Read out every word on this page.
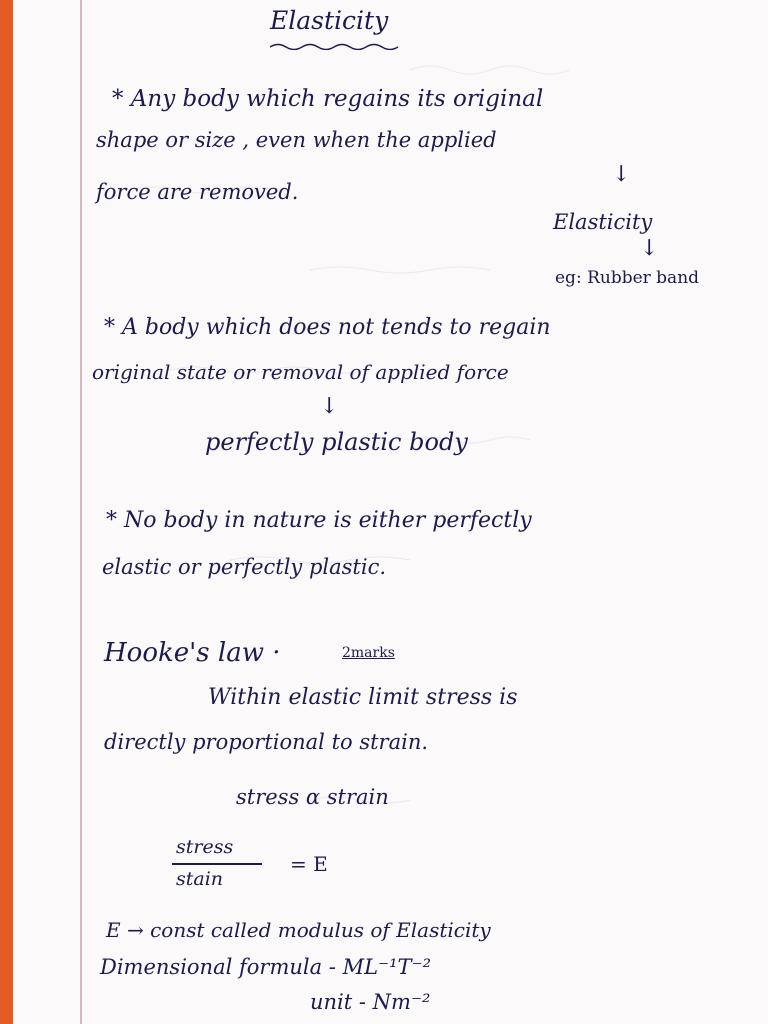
Elasticity
* Any body which regains its original
shape or size , even when the applied
force are removed.
↓
Elasticity
↓
eg: Rubber band
* A body which does not tends to regain
original state or removal of applied force
↓
perfectly plastic body
* No body in nature is either perfectly
elastic or perfectly plastic.
Hooke's law ·	2marks
Within elastic limit stress is
directly proportional to strain.
stress α strain
stress
stain
= E
E → const called modulus of Elasticity
Dimensional formula - ML⁻¹T⁻²
unit - Nm⁻²
